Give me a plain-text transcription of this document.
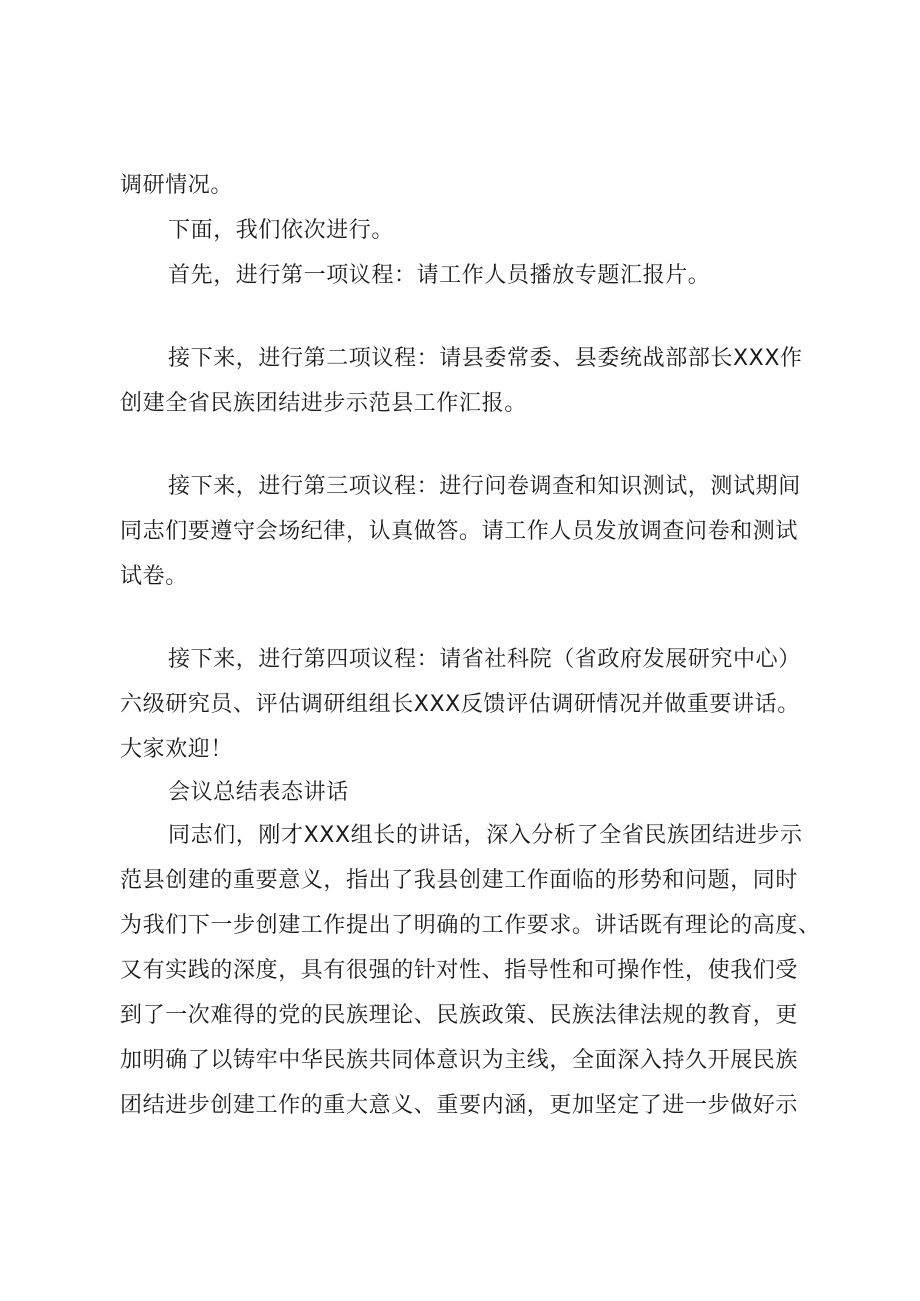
调研情况。

下面，我们依次进行。

首先，进行第一项议程：请工作人员播放专题汇报片。

接下来，进行第二项议程：请县委常委、县委统战部部长XXX作

创建全省民族团结进步示范县工作汇报。

接下来，进行第三项议程：进行问卷调查和知识测试，测试期间

同志们要遵守会场纪律，认真做答。请工作人员发放调查问卷和测试

试卷。

接下来，进行第四项议程：请省社科院（省政府发展研究中心）

六级研究员、评估调研组组长XXX反馈评估调研情况并做重要讲话。

大家欢迎！

会议总结表态讲话

同志们，刚才XXX组长的讲话，深入分析了全省民族团结进步示

范县创建的重要意义，指出了我县创建工作面临的形势和问题，同时

为我们下一步创建工作提出了明确的工作要求。讲话既有理论的高度、

又有实践的深度，具有很强的针对性、指导性和可操作性，使我们受

到了一次难得的党的民族理论、民族政策、民族法律法规的教育，更

加明确了以铸牢中华民族共同体意识为主线，全面深入持久开展民族

团结进步创建工作的重大意义、重要内涵，更加坚定了进一步做好示
